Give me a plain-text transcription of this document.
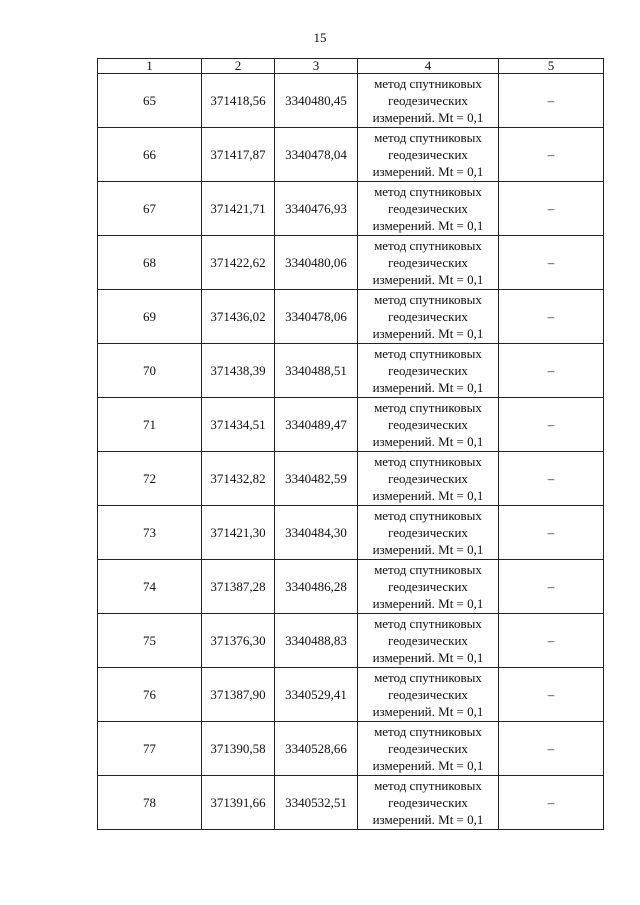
15
1	2	3	4	5
65	371418,56	3340480,45	метод спутниковых геодезических измерений. Mt = 0,1	–
66	371417,87	3340478,04	метод спутниковых геодезических измерений. Mt = 0,1	–
67	371421,71	3340476,93	метод спутниковых геодезических измерений. Mt = 0,1	–
68	371422,62	3340480,06	метод спутниковых геодезических измерений. Mt = 0,1	–
69	371436,02	3340478,06	метод спутниковых геодезических измерений. Mt = 0,1	–
70	371438,39	3340488,51	метод спутниковых геодезических измерений. Mt = 0,1	–
71	371434,51	3340489,47	метод спутниковых геодезических измерений. Mt = 0,1	–
72	371432,82	3340482,59	метод спутниковых геодезических измерений. Mt = 0,1	–
73	371421,30	3340484,30	метод спутниковых геодезических измерений. Mt = 0,1	–
74	371387,28	3340486,28	метод спутниковых геодезических измерений. Mt = 0,1	–
75	371376,30	3340488,83	метод спутниковых геодезических измерений. Mt = 0,1	–
76	371387,90	3340529,41	метод спутниковых геодезических измерений. Mt = 0,1	–
77	371390,58	3340528,66	метод спутниковых геодезических измерений. Mt = 0,1	–
78	371391,66	3340532,51	метод спутниковых геодезических измерений. Mt = 0,1	–
